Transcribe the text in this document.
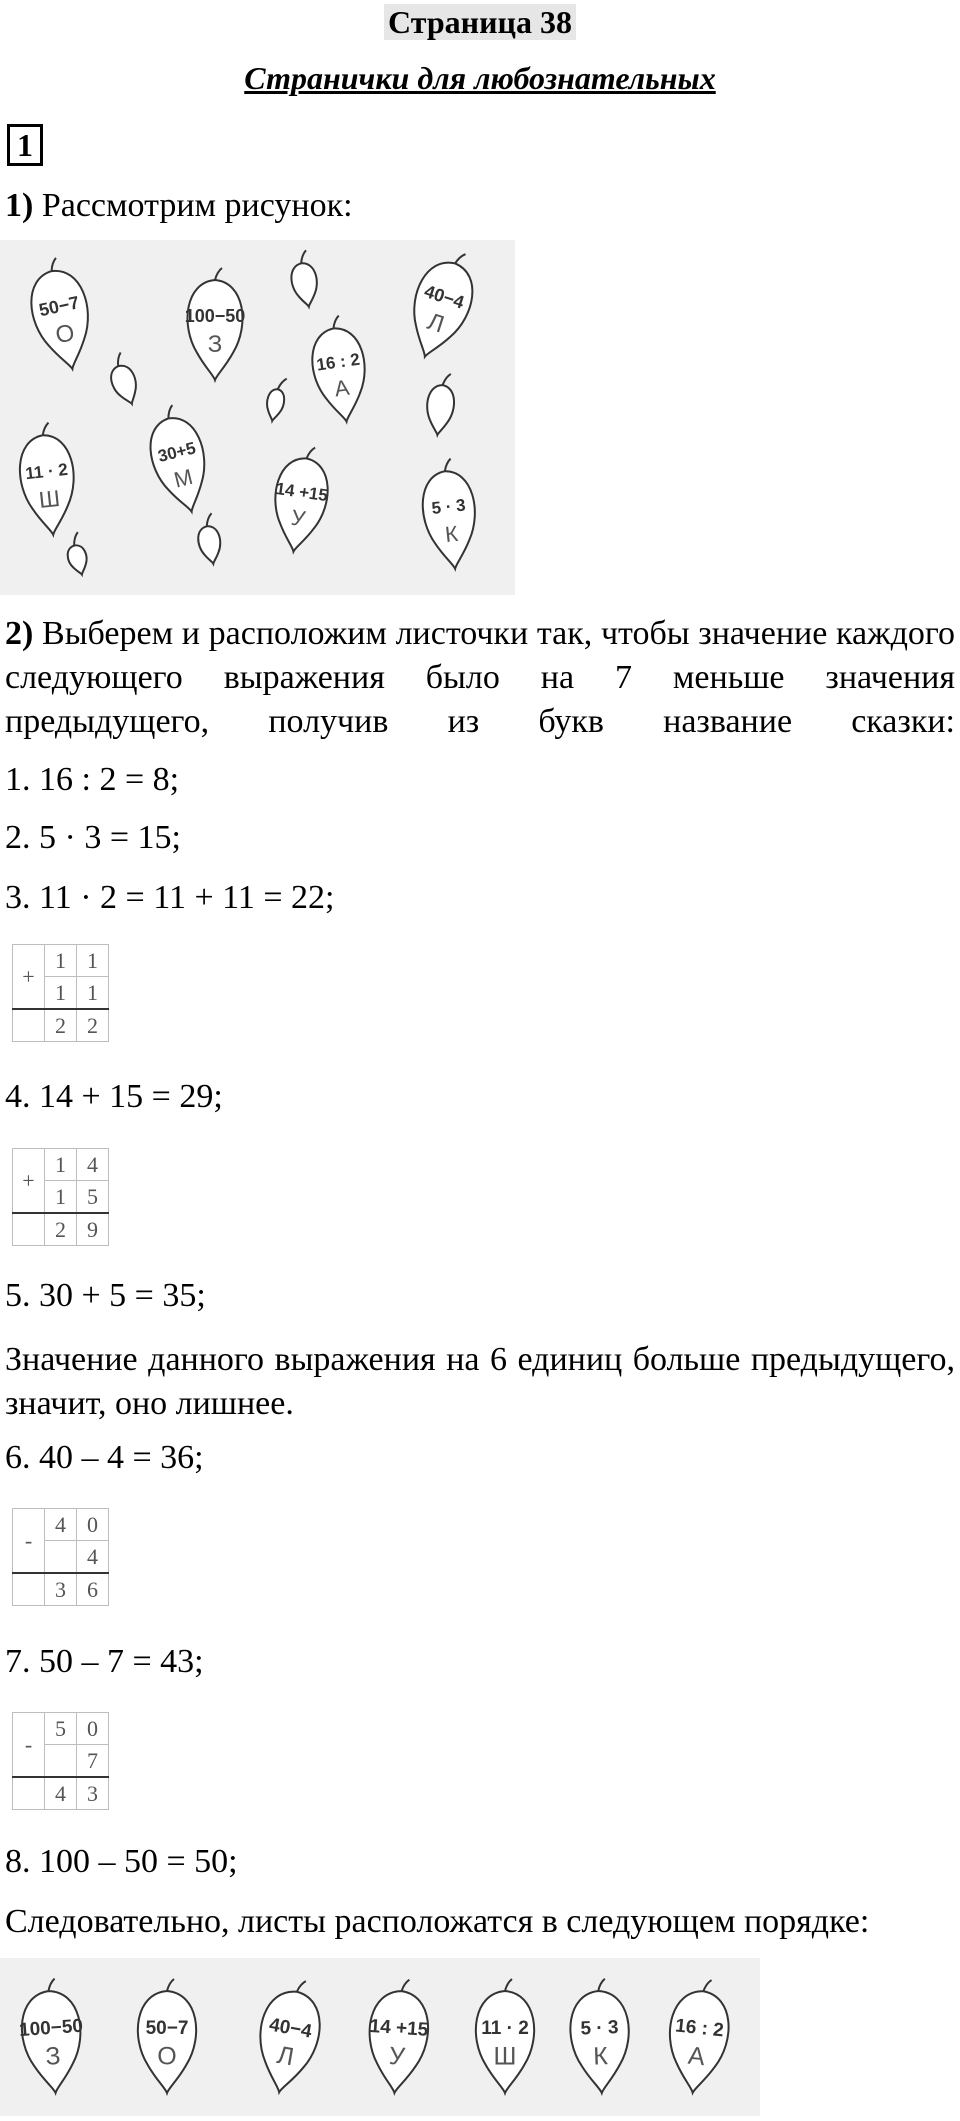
Страница 38
Странички для любознательных
1

1) Рассмотрим рисунок:

50−7
О
100−50
З
40−4
Л
16 : 2
А
11 · 2
Ш
30+5
М	14 +15
У	5 · 3
К

2) Выберем и расположим листочки так, чтобы значение каждого следующего выражения было на 7 меньше значения предыдущего, получив из букв название сказки:

1. 16 : 2 = 8;

2. 5 · 3 = 15;

3. 11 · 2 = 11 + 11 = 22;

+	1	1
	1	1
	2	2

4. 14 + 15 = 29;

+	1	4
	1	5
	2	9

5. 30 + 5 = 35;

Значение данного выражения на 6 единиц больше предыдущего, значит, оно лишнее.

6. 40 – 4 = 36;

-	4	0
		4
	3	6

7. 50 – 7 = 43;

-	5	0
		7
	4	3

8. 100 – 50 = 50;

Следовательно, листы расположатся в следующем порядке:

100−50
З
50−7
О
40−4
Л
14 +15
У
11 · 2
Ш
5 · 3
К
16 : 2
А
